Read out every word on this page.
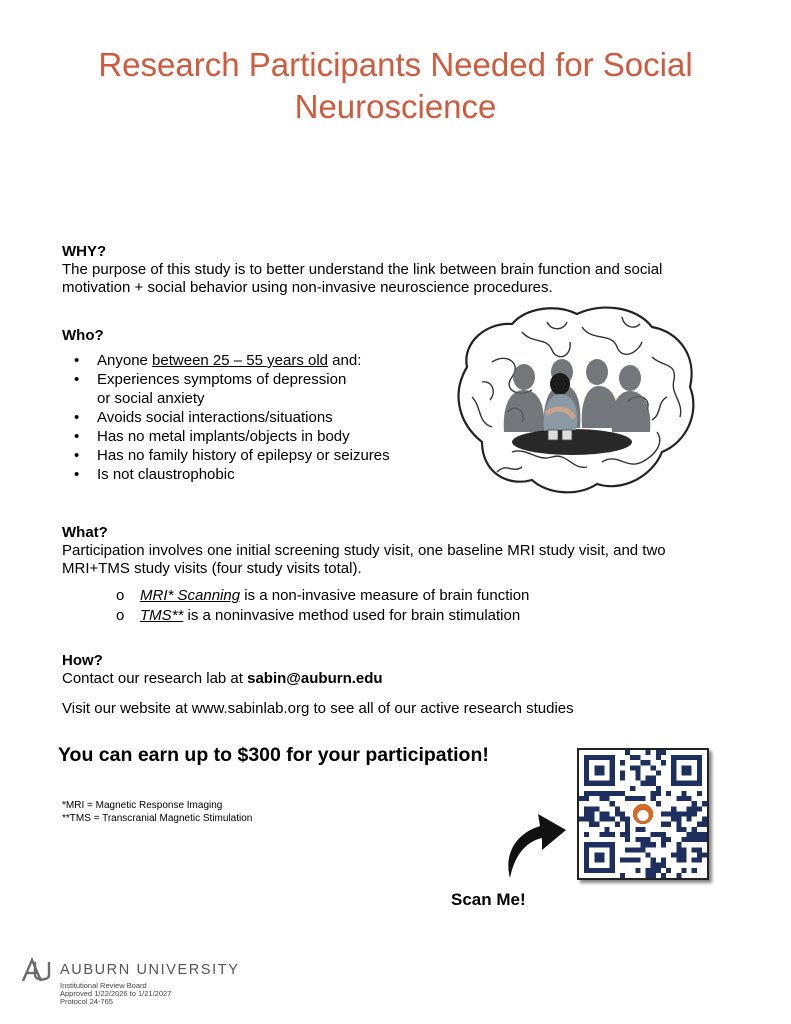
Research Participants Needed for Social Neuroscience

WHY?

The purpose of this study is to better understand the link between brain function and social motivation + social behavior using non-invasive neuroscience procedures.

Who?

• Anyone between 25 – 55 years old and:
• Experiences symptoms of depression
or social anxiety
• Avoids social interactions/situations
• Has no metal implants/objects in body
• Has no family history of epilepsy or seizures
• Is not claustrophobic

What?

Participation involves one initial screening study visit, one baseline MRI study visit, and two MRI+TMS study visits (four study visits total).

o MRI* Scanning is a non-invasive measure of brain function
o TMS** is a noninvasive method used for brain stimulation

How?

Contact our research lab at sabin@auburn.edu

Visit our website at www.sabinlab.org to see all of our active research studies

You can earn up to $300 for your participation!

*MRI = Magnetic Response Imaging

**TMS = Transcranial Magnetic Stimulation

Scan Me!
AUBURN UNIVERSITY
Institutional Review Board
Approved 1/22/2026 to 1/21/2027
Protocol 24-765
